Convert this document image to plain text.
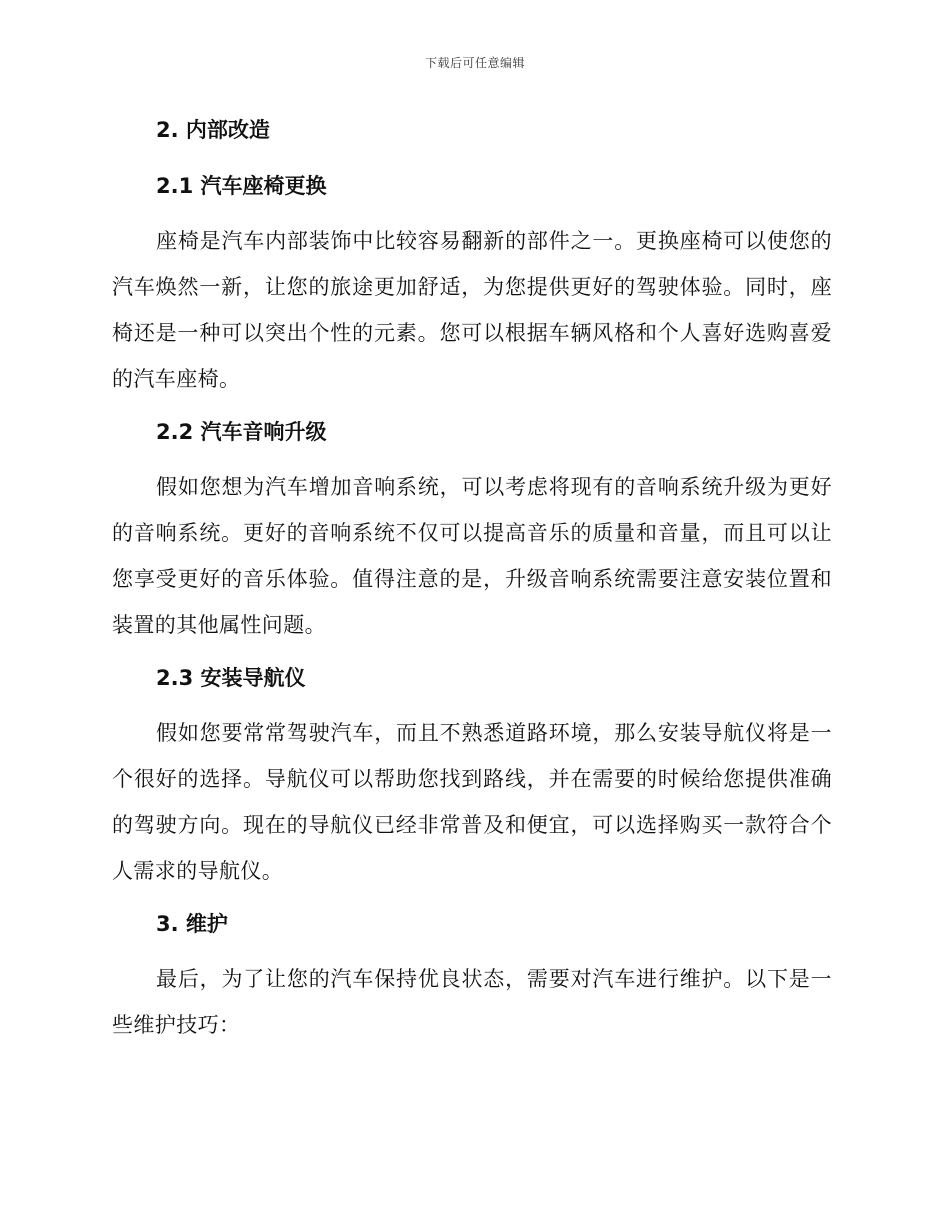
下载后可任意编辑
2. 内部改造
2.1 汽车座椅更换

座椅是汽车内部装饰中比较容易翻新的部件之一。更换座椅可以使您的汽车焕然一新，让您的旅途更加舒适，为您提供更好的驾驶体验。同时，座椅还是一种可以突出个性的元素。您可以根据车辆风格和个人喜好选购喜爱的汽车座椅。

2.2 汽车音响升级

假如您想为汽车增加音响系统，可以考虑将现有的音响系统升级为更好的音响系统。更好的音响系统不仅可以提高音乐的质量和音量，而且可以让您享受更好的音乐体验。值得注意的是，升级音响系统需要注意安装位置和装置的其他属性问题。

2.3 安装导航仪

假如您要常常驾驶汽车，而且不熟悉道路环境，那么安装导航仪将是一个很好的选择。导航仪可以帮助您找到路线，并在需要的时候给您提供准确的驾驶方向。现在的导航仪已经非常普及和便宜，可以选择购买一款符合个人需求的导航仪。

3. 维护

最后，为了让您的汽车保持优良状态，需要对汽车进行维护。以下是一些维护技巧：
